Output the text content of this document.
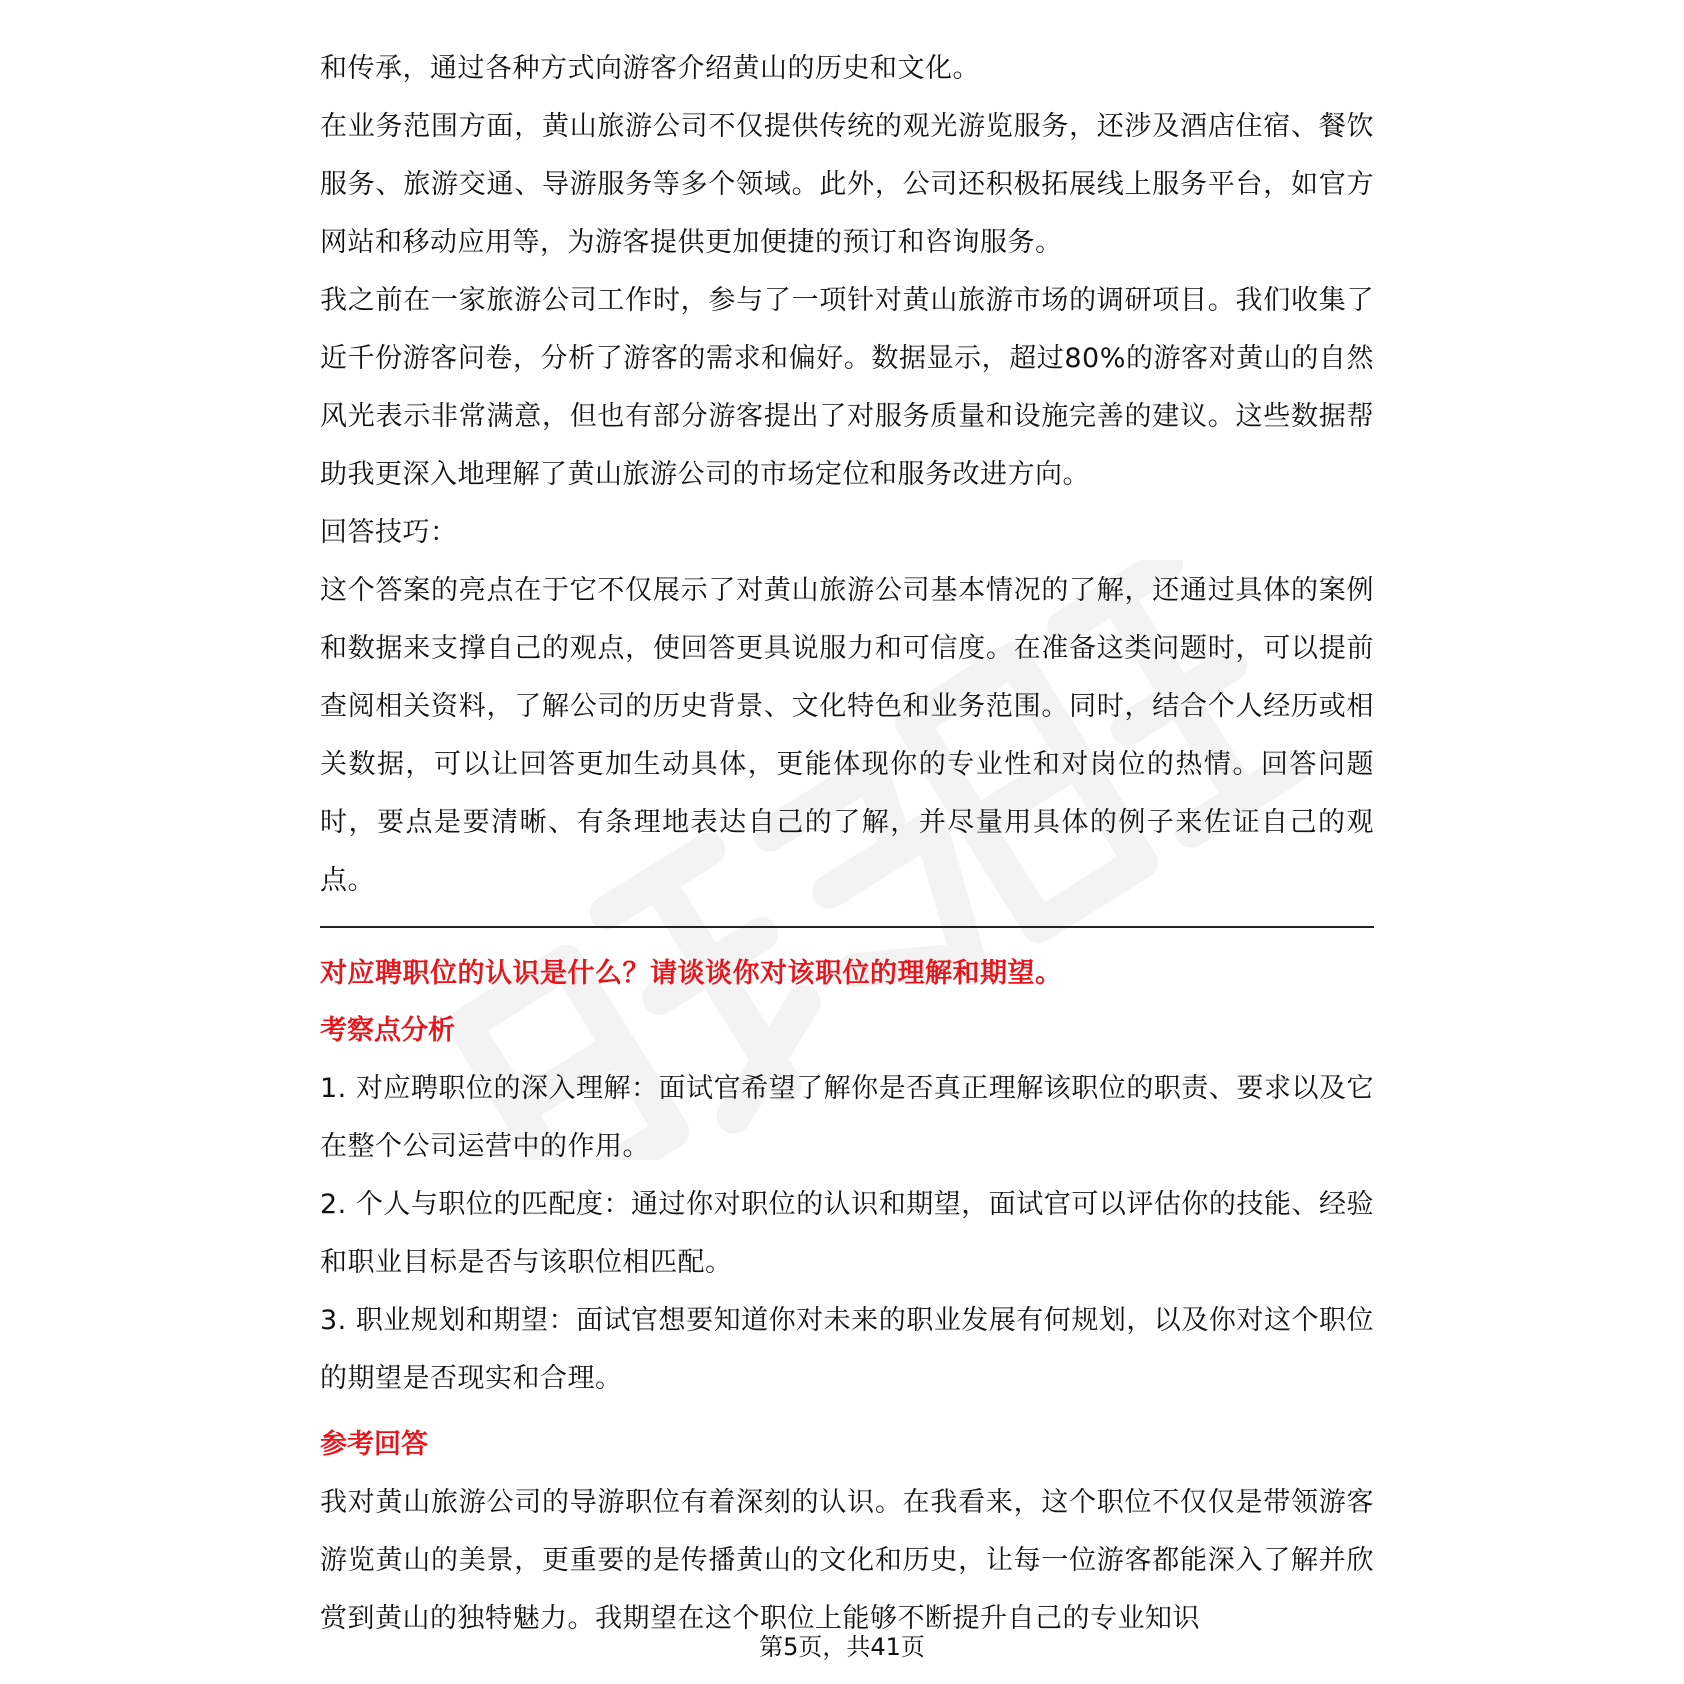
和传承，通过各种方式向游客介绍黄山的历史和文化。

在业务范围方面，黄山旅游公司不仅提供传统的观光游览服务，还涉及酒店住宿、餐饮服务、旅游交通、导游服务等多个领域。此外，公司还积极拓展线上服务平台，如官方网站和移动应用等，为游客提供更加便捷的预订和咨询服务。

我之前在一家旅游公司工作时，参与了一项针对黄山旅游市场的调研项目。我们收集了近千份游客问卷，分析了游客的需求和偏好。数据显示，超过80%的游客对黄山的自然风光表示非常满意，但也有部分游客提出了对服务质量和设施完善的建议。这些数据帮助我更深入地理解了黄山旅游公司的市场定位和服务改进方向。

回答技巧：

这个答案的亮点在于它不仅展示了对黄山旅游公司基本情况的了解，还通过具体的案例和数据来支撑自己的观点，使回答更具说服力和可信度。在准备这类问题时，可以提前查阅相关资料，了解公司的历史背景、文化特色和业务范围。同时，结合个人经历或相关数据，可以让回答更加生动具体，更能体现你的专业性和对岗位的热情。回答问题时，要点是要清晰、有条理地表达自己的了解，并尽量用具体的例子来佐证自己的观点。

对应聘职位的认识是什么？请谈谈你对该职位的理解和期望。

考察点分析

1. 对应聘职位的深入理解：面试官希望了解你是否真正理解该职位的职责、要求以及它在整个公司运营中的作用。

2. 个人与职位的匹配度：通过你对职位的认识和期望，面试官可以评估你的技能、经验和职业目标是否与该职位相匹配。

3. 职业规划和期望：面试官想要知道你对未来的职业发展有何规划，以及你对这个职位的期望是否现实和合理。

参考回答

我对黄山旅游公司的导游职位有着深刻的认识。在我看来，这个职位不仅仅是带领游客游览黄山的美景，更重要的是传播黄山的文化和历史，让每一位游客都能深入了解并欣赏到黄山的独特魅力。我期望在这个职位上能够不断提升自己的专业知识

第5页，共41页
